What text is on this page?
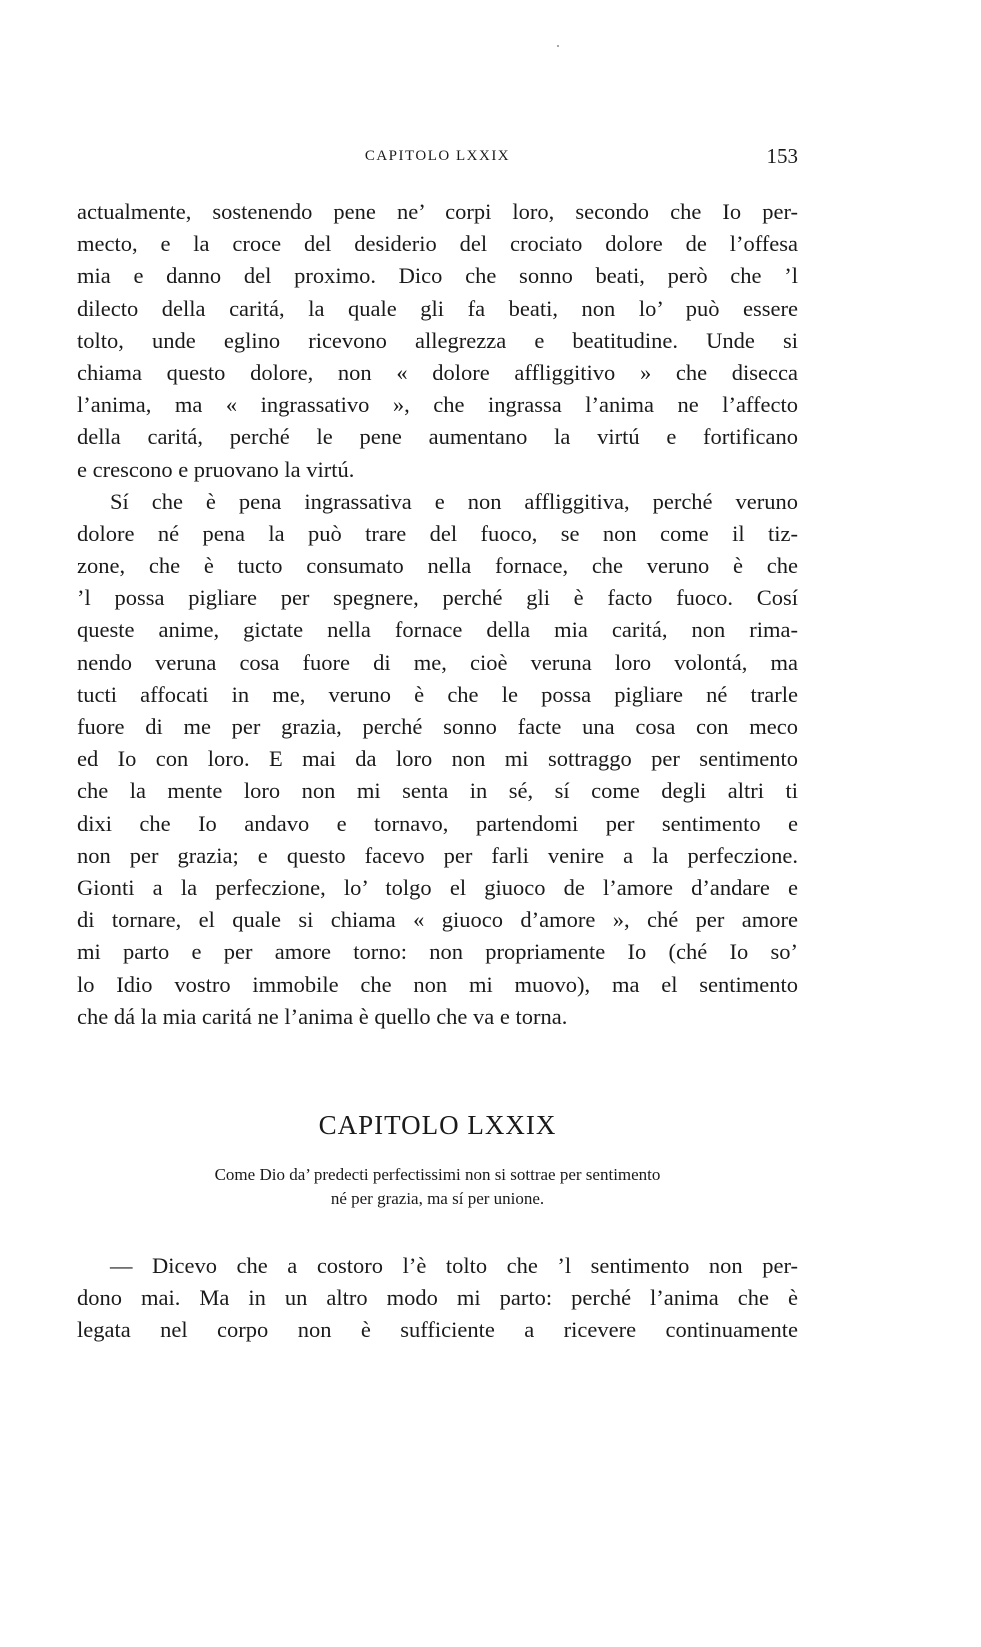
CAPITOLO LXXIX	153
actualmente, sostenendo pene ne’ corpi loro, secondo che Io per-
mecto, e la croce del desiderio del crociato dolore de l’offesa
mia e danno del proximo. Dico che sonno beati, però che ’l
dilecto della caritá, la quale gli fa beati, non lo’ può essere
tolto, unde eglino ricevono allegrezza e beatitudine. Unde si
chiama questo dolore, non « dolore affliggitivo » che disecca
l’anima, ma « ingrassativo », che ingrassa l’anima ne l’affecto
della caritá, perché le pene aumentano la virtú e fortificano
e crescono e pruovano la virtú.
Sí che è pena ingrassativa e non affliggitiva, perché veruno
dolore né pena la può trare del fuoco, se non come il tiz-
zone, che è tucto consumato nella fornace, che veruno è che
’l possa pigliare per spegnere, perché gli è facto fuoco. Cosí
queste anime, gictate nella fornace della mia caritá, non rima-
nendo veruna cosa fuore di me, cioè veruna loro volontá, ma
tucti affocati in me, veruno è che le possa pigliare né trarle
fuore di me per grazia, perché sonno facte una cosa con meco
ed Io con loro. E mai da loro non mi sottraggo per sentimento
che la mente loro non mi senta in sé, sí come degli altri ti
dixi che Io andavo e tornavo, partendomi per sentimento e
non per grazia; e questo facevo per farli venire a la perfeczione.
Gionti a la perfeczione, lo’ tolgo el giuoco de l’amore d’andare e
di tornare, el quale si chiama « giuoco d’amore », ché per amore
mi parto e per amore torno: non propriamente Io (ché Io so’
lo Idio vostro immobile che non mi muovo), ma el sentimento
che dá la mia caritá ne l’anima è quello che va e torna.
CAPITOLO LXXIX
Come Dio da’ predecti perfectissimi non si sottrae per sentimento
né per grazia, ma sí per unione.
— Dicevo che a costoro l’è tolto che ’l sentimento non per-
dono mai. Ma in un altro modo mi parto: perché l’anima che è
legata nel corpo non è sufficiente a ricevere continuamente
